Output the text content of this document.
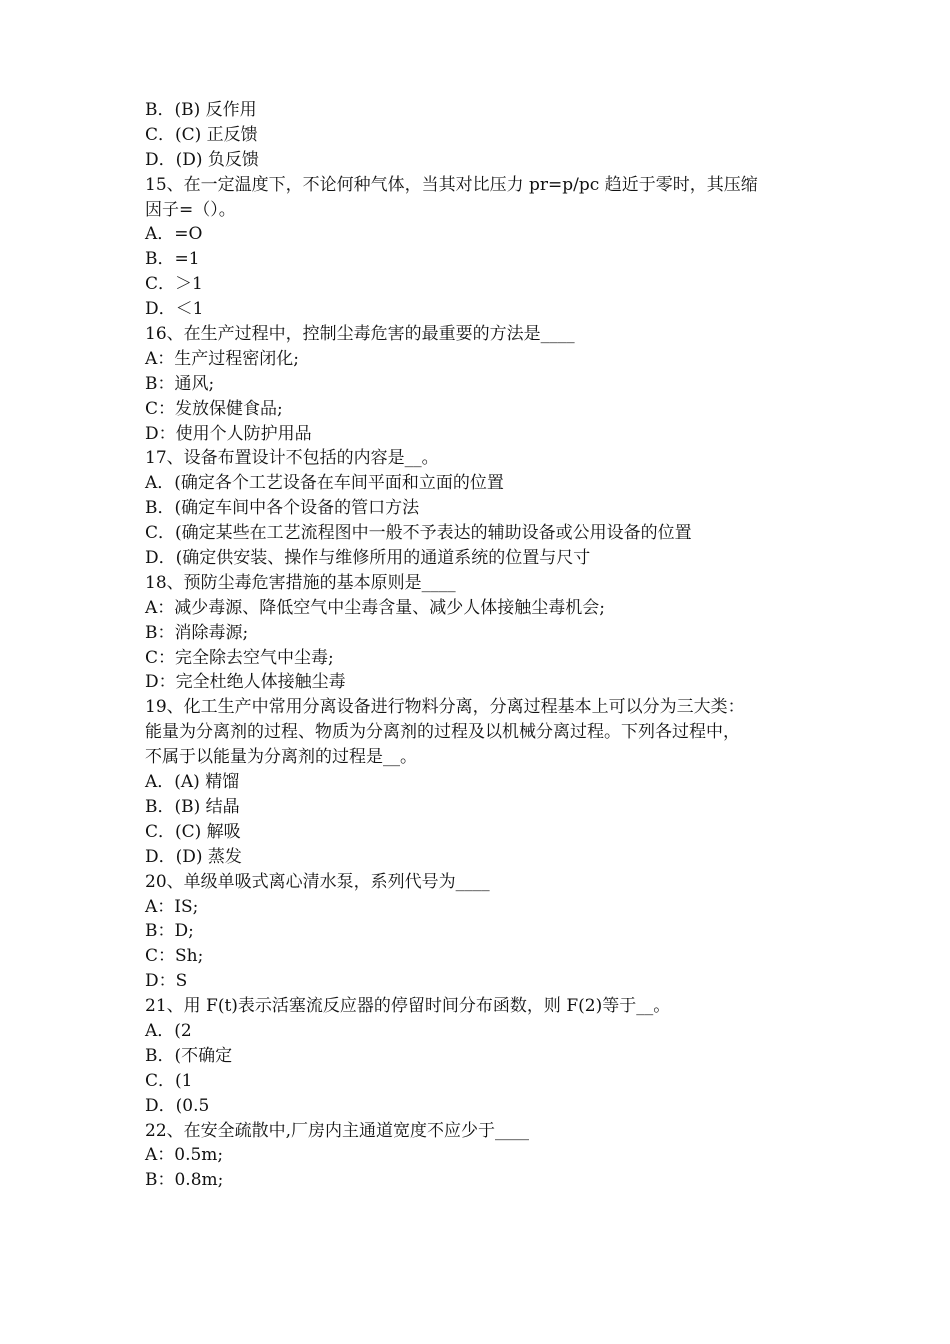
B．(B) 反作用
C．(C) 正反馈
D．(D) 负反馈
15、在一定温度下，不论何种气体，当其对比压力 pr=p/pc 趋近于零时，其压缩
因子=（）。
A．=O
B．=1
C．＞1
D．＜1
16、在生产过程中，控制尘毒危害的最重要的方法是____
A：生产过程密闭化;
B：通风;
C：发放保健食品;
D：使用个人防护用品
17、设备布置设计不包括的内容是__。
A．(确定各个工艺设备在车间平面和立面的位置
B．(确定车间中各个设备的管口方法
C．(确定某些在工艺流程图中一般不予表达的辅助设备或公用设备的位置
D．(确定供安装、操作与维修所用的通道系统的位置与尺寸
18、预防尘毒危害措施的基本原则是____
A：减少毒源、降低空气中尘毒含量、减少人体接触尘毒机会;
B：消除毒源;
C：完全除去空气中尘毒;
D：完全杜绝人体接触尘毒
19、化工生产中常用分离设备进行物料分离，分离过程基本上可以分为三大类：
能量为分离剂的过程、物质为分离剂的过程及以机械分离过程。下列各过程中，
不属于以能量为分离剂的过程是__。
A．(A) 精馏
B．(B) 结晶
C．(C) 解吸
D．(D) 蒸发
20、单级单吸式离心清水泵，系列代号为____
A：IS;
B：D;
C：Sh;
D：S
21、用 F(t)表示活塞流反应器的停留时间分布函数，则 F(2)等于__。
A．(2
B．(不确定
C．(1
D．(0.5
22、在安全疏散中,厂房内主通道宽度不应少于____
A：0.5m;
B：0.8m;
